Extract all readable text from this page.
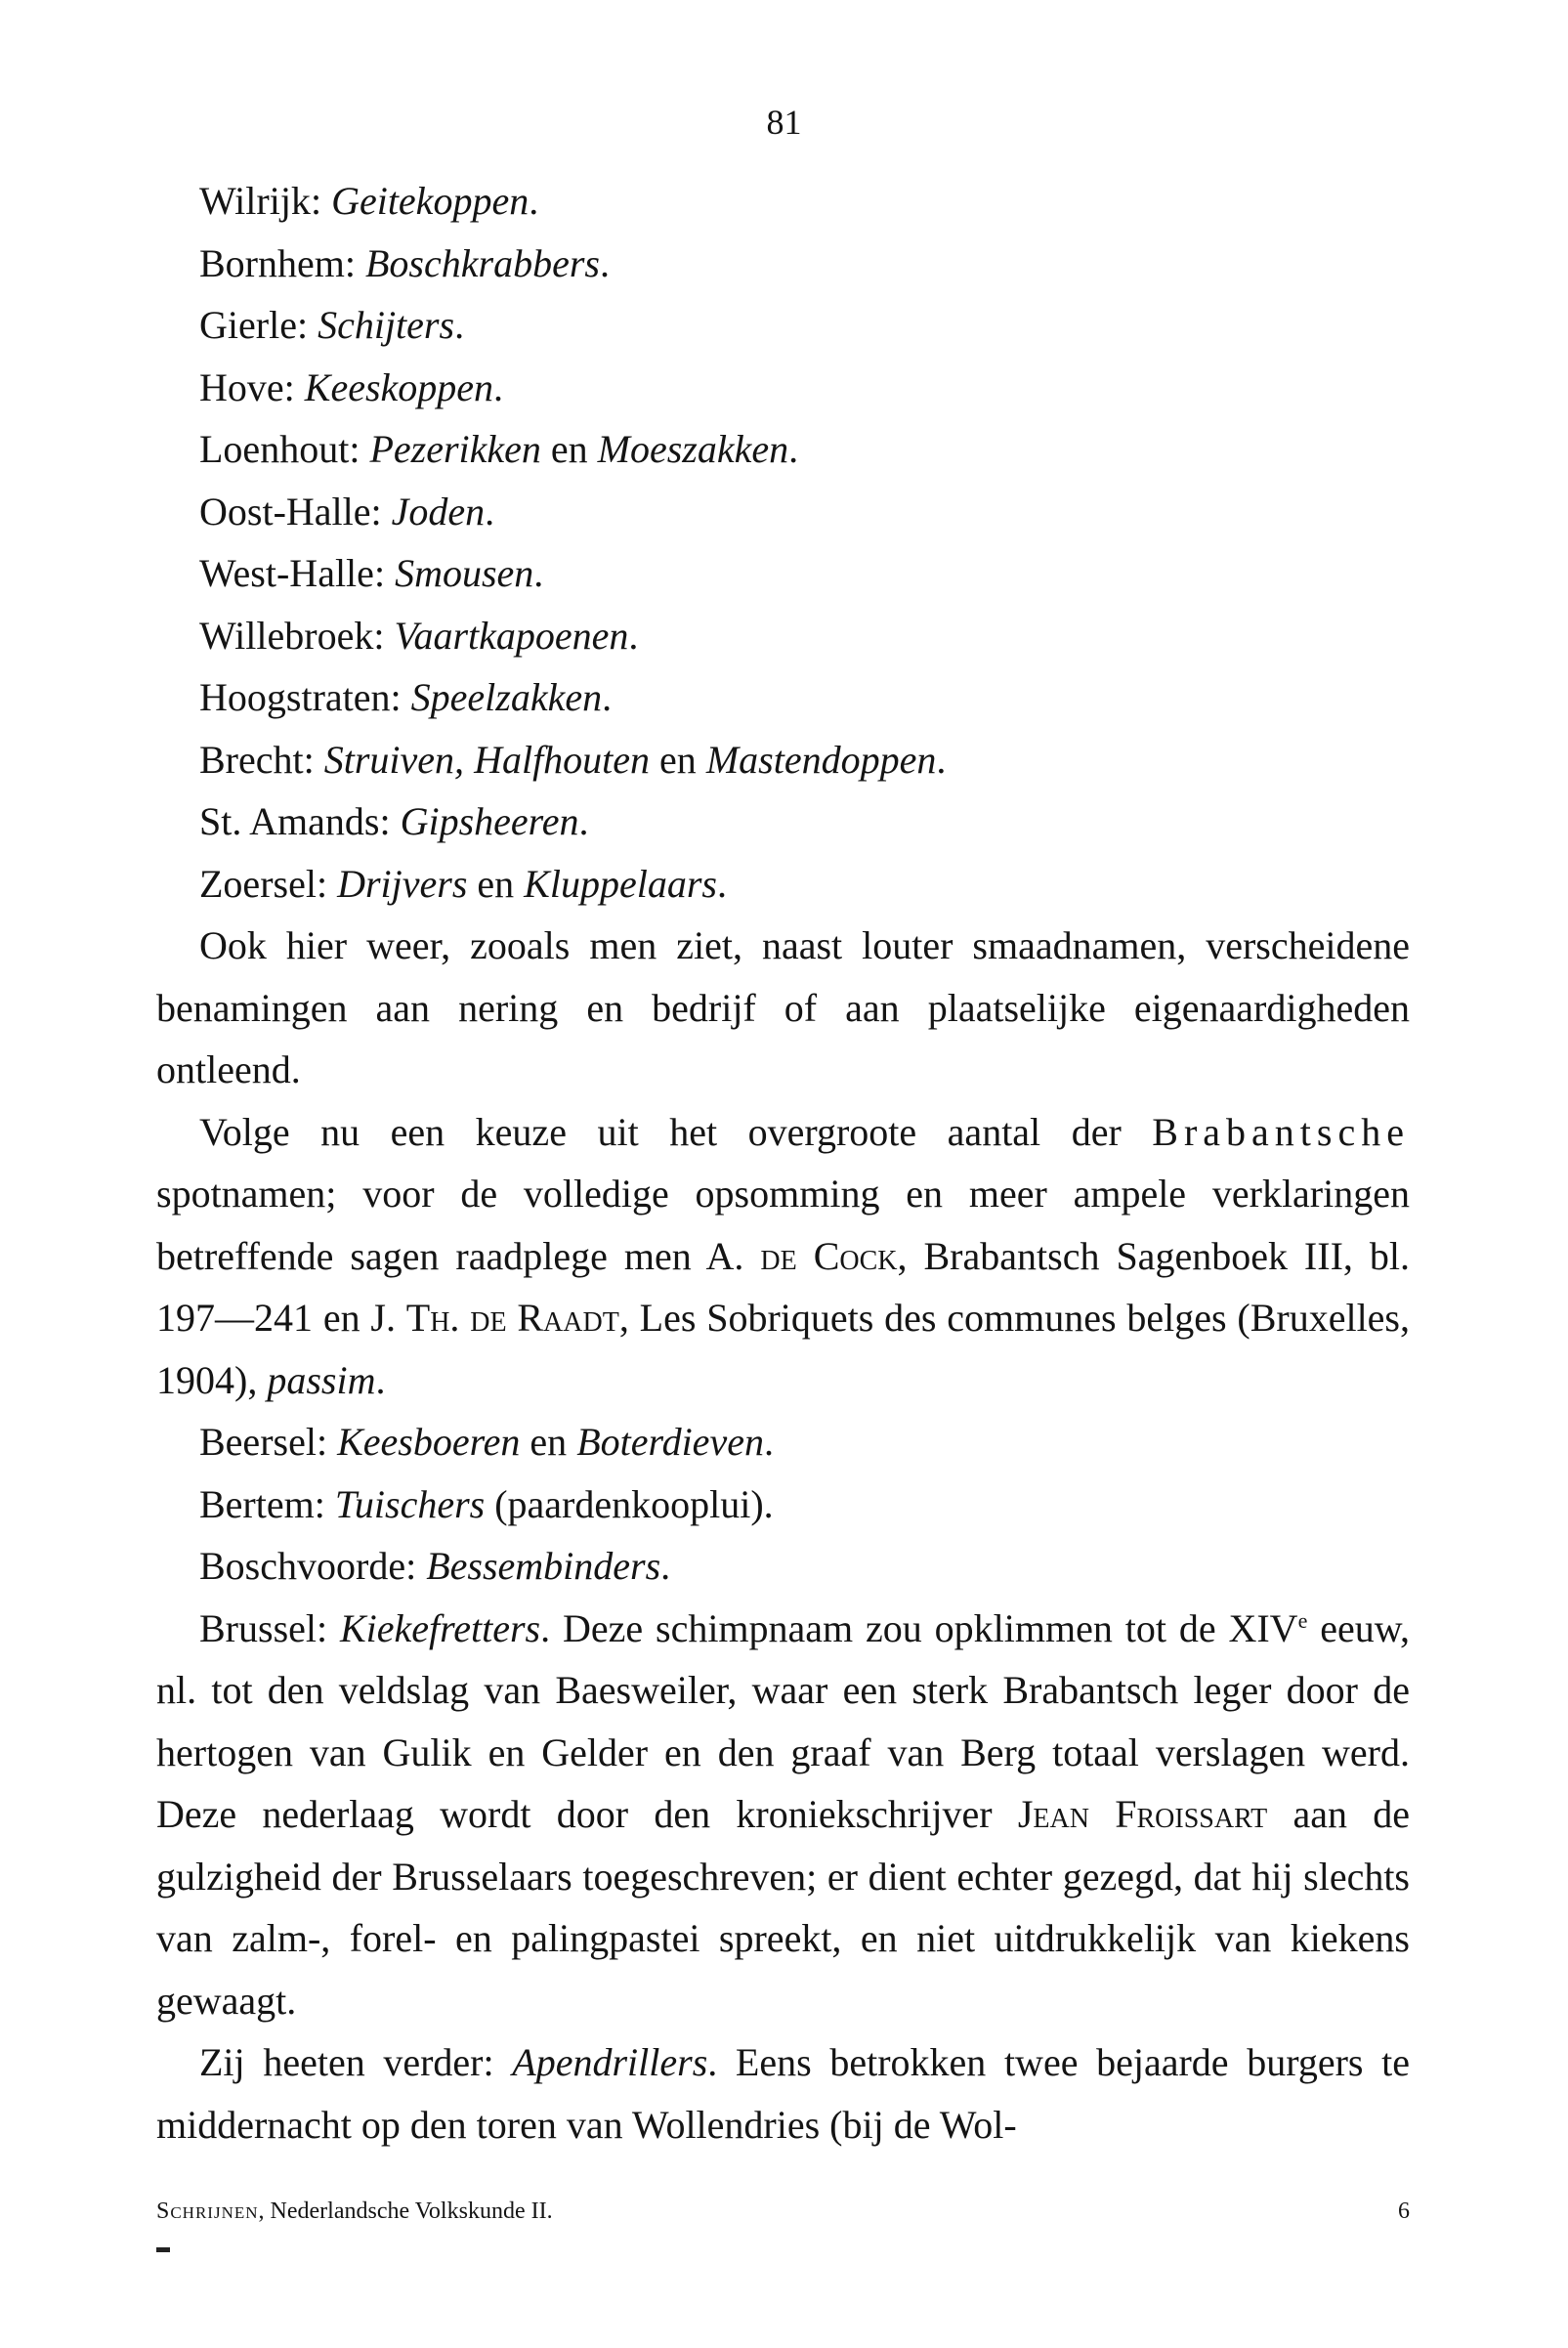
81
Wilrijk: Geitekoppen.
Bornhem: Boschkrabbers.
Gierle: Schijters.
Hove: Keeskoppen.
Loenhout: Pezerikken en Moeszakken.
Oost-Halle: Joden.
West-Halle: Smousen.
Willebroek: Vaartkapoenen.
Hoogstraten: Speelzakken.
Brecht: Struiven, Halfhouten en Mastendoppen.
St. Amands: Gipsheeren.
Zoersel: Drijvers en Kluppelaars.

Ook hier weer, zooals men ziet, naast louter smaadnamen, verscheidene benamingen aan nering en bedrijf of aan plaatselijke eigenaardigheden ontleend.

Volge nu een keuze uit het overgroote aantal der Brabantsche spotnamen; voor de volledige opsomming en meer ampele verklaringen betreffende sagen raadplege men A. de Cock, Brabantsch Sagenboek III, bl. 197—241 en J. Th. de Raadt, Les Sobriquets des communes belges (Bruxelles, 1904), passim.

Beersel: Keesboeren en Boterdieven.
Bertem: Tuischers (paardenkooplui).
Boschvoorde: Bessembinders.

Brussel: Kiekefretters. Deze schimpnaam zou opklimmen tot de XIVe eeuw, nl. tot den veldslag van Baesweiler, waar een sterk Brabantsch leger door de hertogen van Gulik en Gelder en den graaf van Berg totaal verslagen werd. Deze nederlaag wordt door den kroniekschrijver Jean Froissart aan de gulzigheid der Brusselaars toegeschreven; er dient echter gezegd, dat hij slechts van zalm-, forel- en palingpastei spreekt, en niet uitdrukkelijk van kiekens gewaagt.

Zij heeten verder: Apendrillers. Eens betrokken twee bejaarde burgers te middernacht op den toren van Wollendries (bij de Wol-

Schrijnen, Nederlandsche Volkskunde II.	6
